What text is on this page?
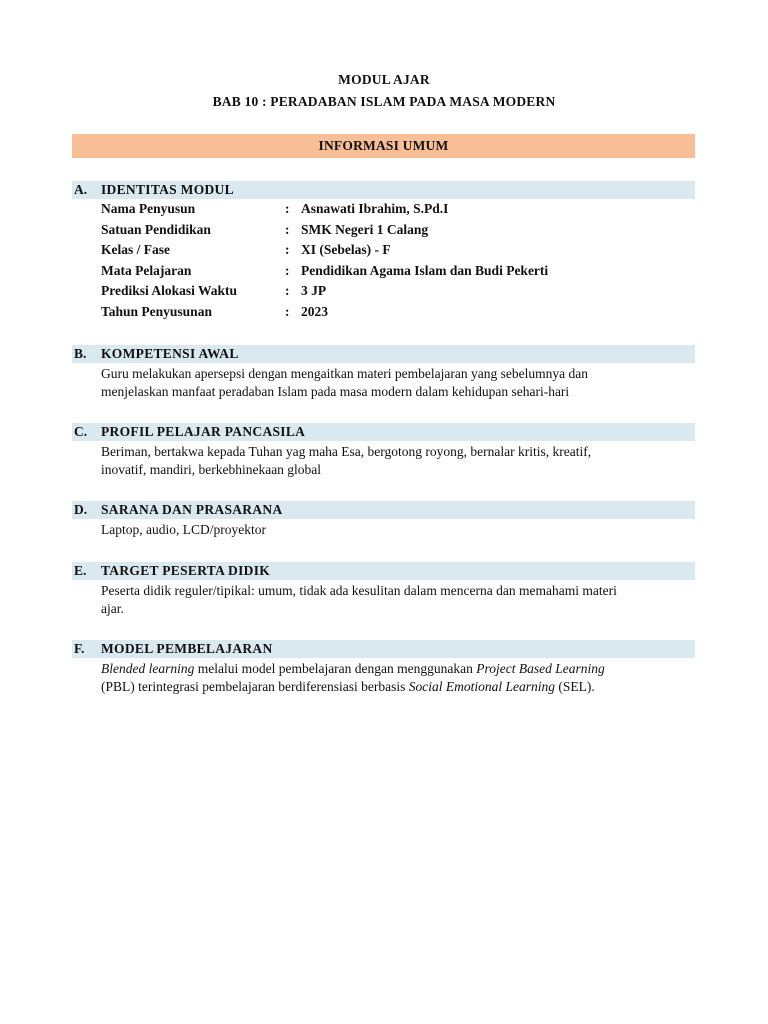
MODUL AJAR
BAB 10 : PERADABAN ISLAM PADA MASA MODERN
INFORMASI UMUM
A. IDENTITAS MODUL
Nama Penyusun	: Asnawati Ibrahim, S.Pd.I
Satuan Pendidikan	: SMK Negeri 1 Calang
Kelas / Fase	: XI (Sebelas) - F
Mata Pelajaran	: Pendidikan Agama Islam dan Budi Pekerti
Prediksi Alokasi Waktu	: 3 JP
Tahun Penyusunan	: 2023
B. KOMPETENSI AWAL
Guru melakukan apersepsi dengan mengaitkan materi pembelajaran yang sebelumnya dan
menjelaskan manfaat peradaban Islam pada masa modern dalam kehidupan sehari-hari
C. PROFIL PELAJAR PANCASILA
Beriman, bertakwa kepada Tuhan yag maha Esa, bergotong royong, bernalar kritis, kreatif,
inovatif, mandiri, berkebhinekaan global
D. SARANA DAN PRASARANA
Laptop, audio, LCD/proyektor
E. TARGET PESERTA DIDIK
Peserta didik reguler/tipikal: umum, tidak ada kesulitan dalam mencerna dan memahami materi
ajar.
F. MODEL PEMBELAJARAN
Blended learning melalui model pembelajaran dengan menggunakan Project Based Learning
(PBL) terintegrasi pembelajaran berdiferensiasi berbasis Social Emotional Learning (SEL).
